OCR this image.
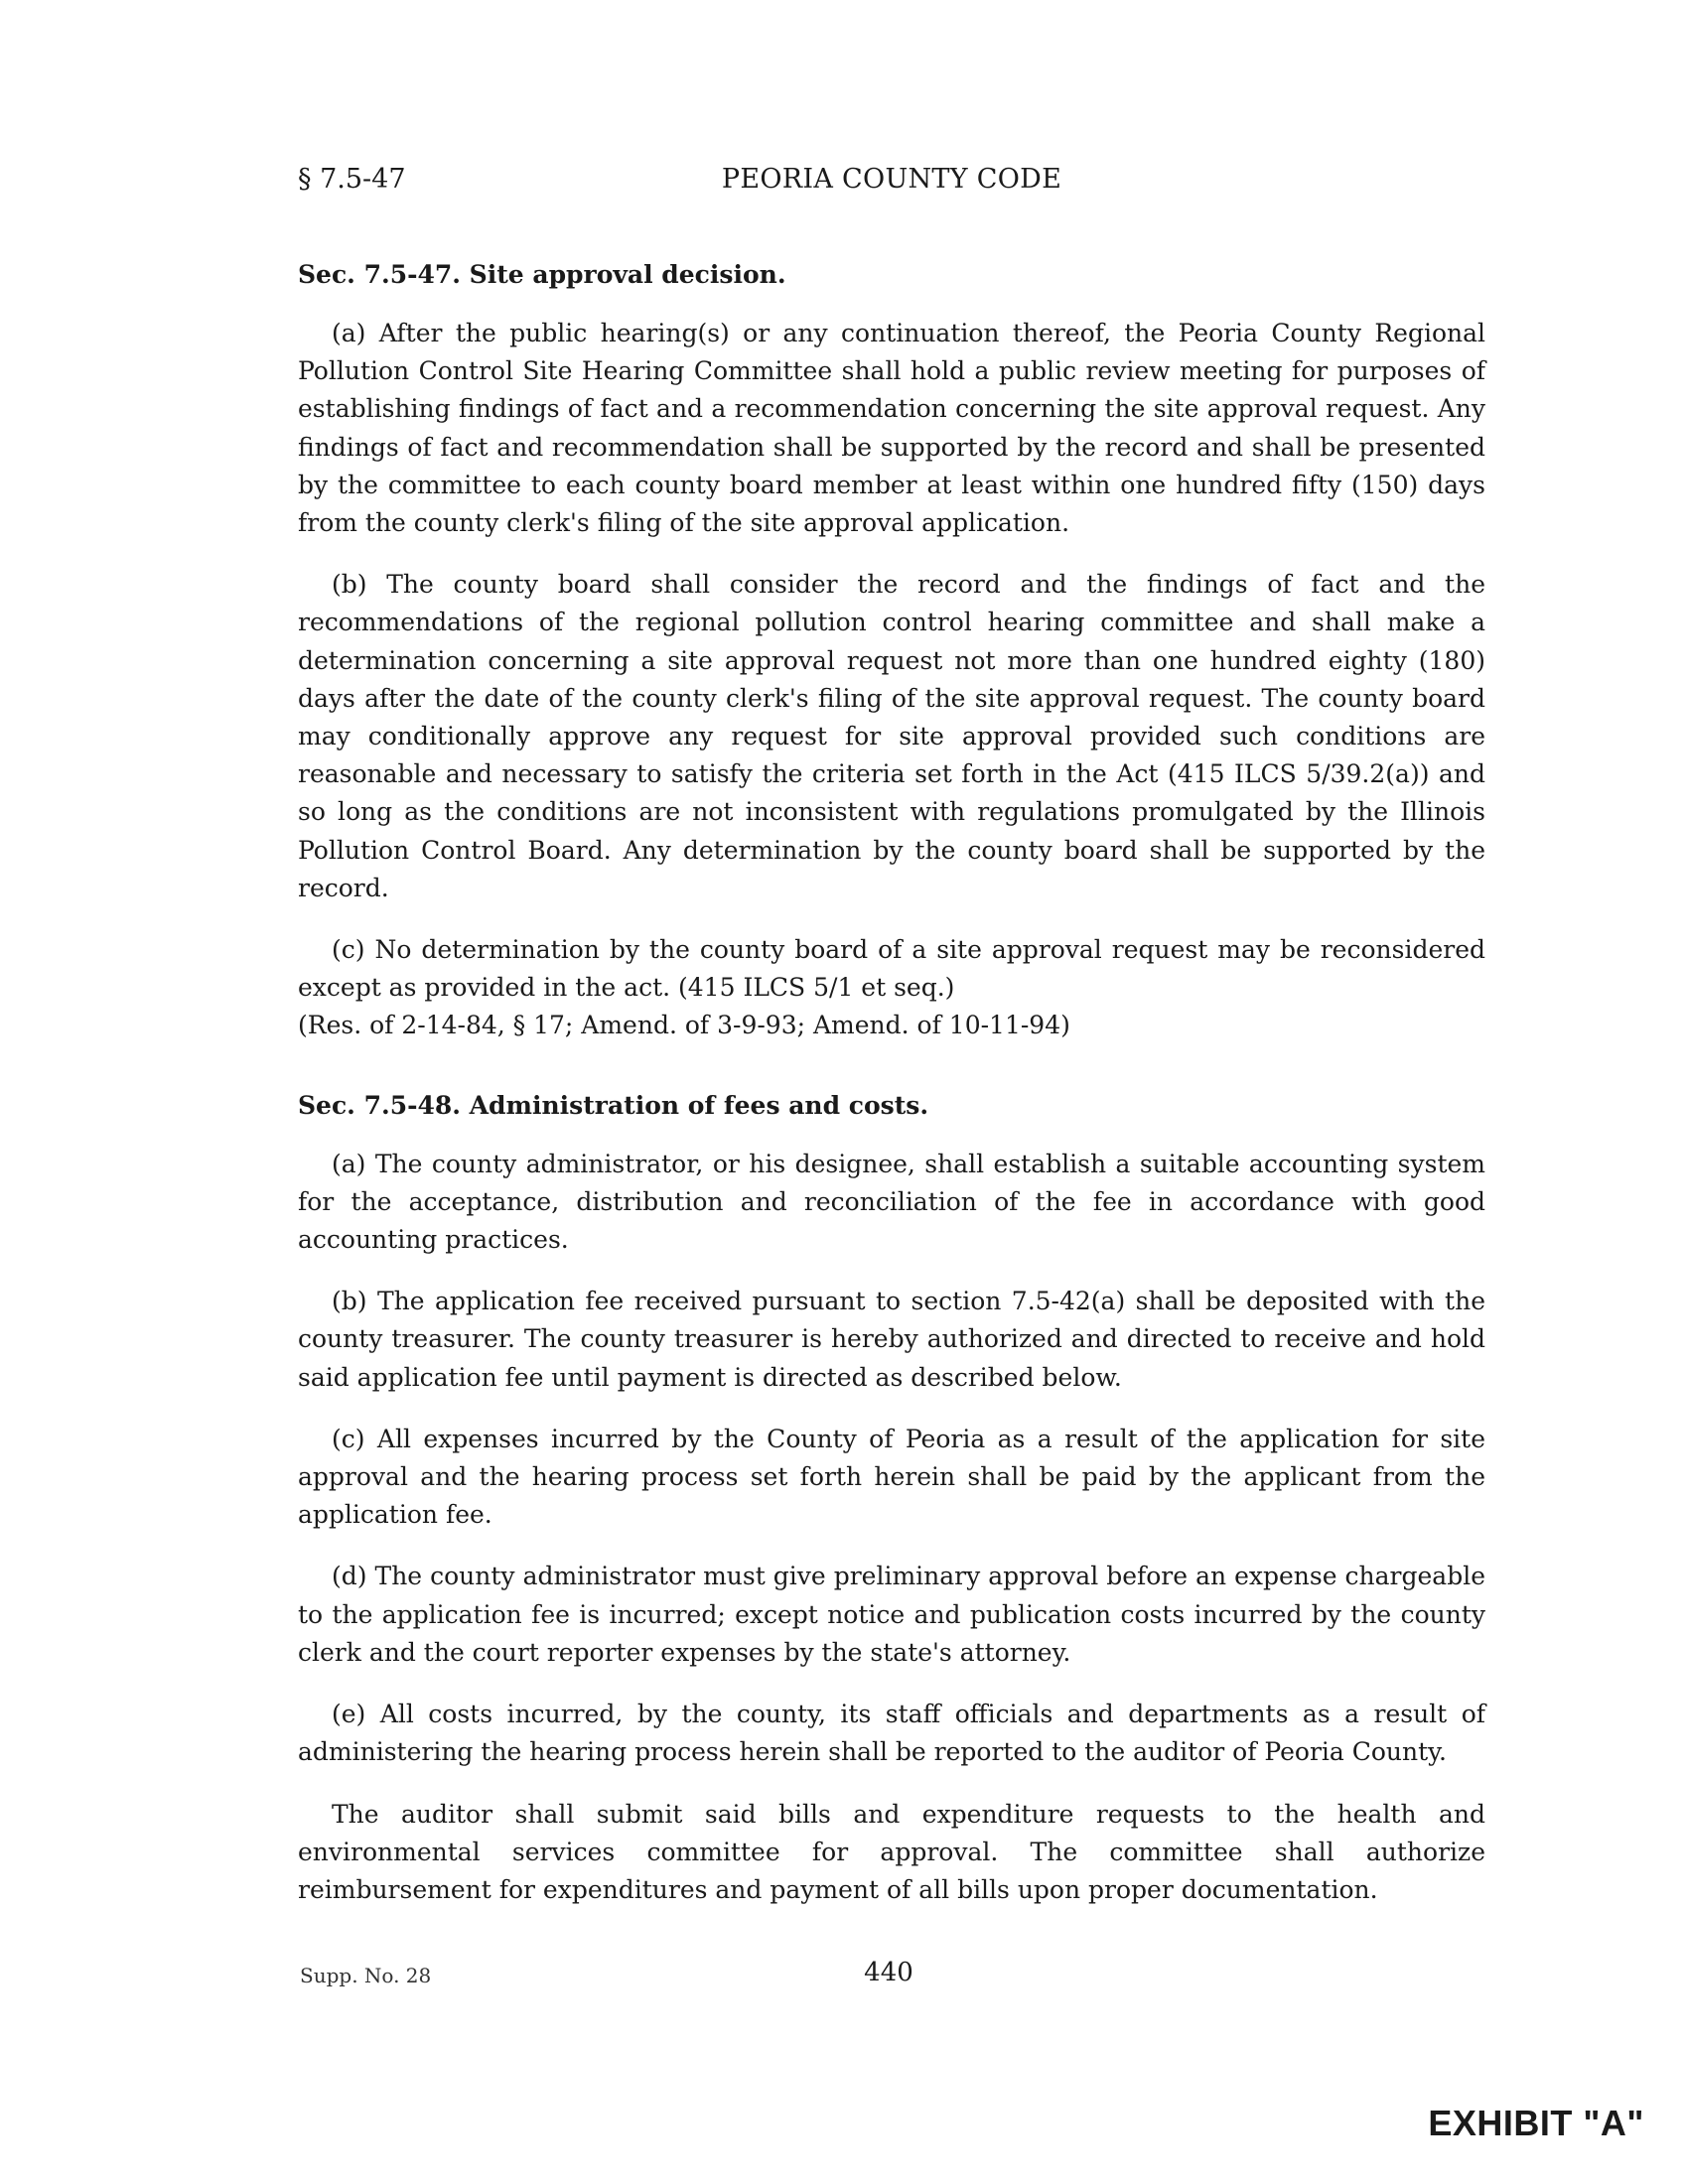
§ 7.5-47	PEORIA COUNTY CODE
Sec. 7.5-47. Site approval decision.

(a) After the public hearing(s) or any continuation thereof, the Peoria County Regional Pollution Control Site Hearing Committee shall hold a public review meeting for purposes of establishing findings of fact and a recommendation concerning the site approval request. Any findings of fact and recommendation shall be supported by the record and shall be presented by the committee to each county board member at least within one hundred fifty (150) days from the county clerk's filing of the site approval application.

(b) The county board shall consider the record and the findings of fact and the recommendations of the regional pollution control hearing committee and shall make a determination concerning a site approval request not more than one hundred eighty (180) days after the date of the county clerk's filing of the site approval request. The county board may conditionally approve any request for site approval provided such conditions are reasonable and necessary to satisfy the criteria set forth in the Act (415 ILCS 5/39.2(a)) and so long as the conditions are not inconsistent with regulations promulgated by the Illinois Pollution Control Board. Any determination by the county board shall be supported by the record.

(c) No determination by the county board of a site approval request may be reconsidered except as provided in the act. (415 ILCS 5/1 et seq.)

(Res. of 2-14-84, § 17; Amend. of 3-9-93; Amend. of 10-11-94)
Sec. 7.5-48. Administration of fees and costs.

(a) The county administrator, or his designee, shall establish a suitable accounting system for the acceptance, distribution and reconciliation of the fee in accordance with good accounting practices.

(b) The application fee received pursuant to section 7.5-42(a) shall be deposited with the county treasurer. The county treasurer is hereby authorized and directed to receive and hold said application fee until payment is directed as described below.

(c) All expenses incurred by the County of Peoria as a result of the application for site approval and the hearing process set forth herein shall be paid by the applicant from the application fee.

(d) The county administrator must give preliminary approval before an expense chargeable to the application fee is incurred; except notice and publication costs incurred by the county clerk and the court reporter expenses by the state's attorney.

(e) All costs incurred, by the county, its staff officials and departments as a result of administering the hearing process herein shall be reported to the auditor of Peoria County.

The auditor shall submit said bills and expenditure requests to the health and environmental services committee for approval. The committee shall authorize reimbursement for expenditures and payment of all bills upon proper documentation.

Supp. No. 28	440
EXHIBIT "A"
